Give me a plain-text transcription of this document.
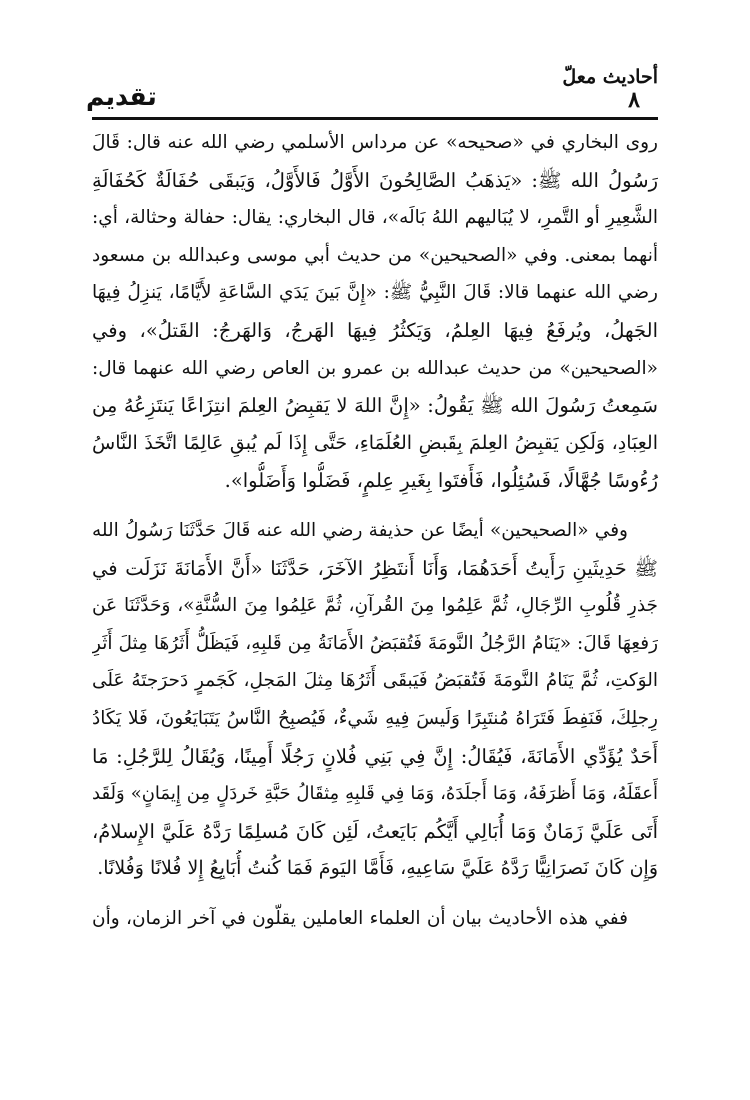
أحاديث معلّ
٨
تقديم
روى البخاري في «صحيحه» عن مرداس الأسلمي رضي الله عنه قال: قَالَ
رَسُولُ الله ﷺ: «يَذهَبُ الصَّالِحُونَ الأَوَّلُ فَالأَوَّلُ، وَيَبقَى حُفَالَةٌ كَحُفَالَةِ
الشَّعِيرِ أو التَّمرِ، لا يُبَاليهم اللهُ بَالَه»، قال البخاري: يقال: حفالة وحثالة، أي:
أنهما بمعنى. وفي «الصحيحين» من حديث أبي موسى وعبدالله بن مسعود
رضي الله عنهما قالا: قَالَ النَّبِيُّ ﷺ: «إِنَّ بَينَ يَدَي السَّاعَةِ لأَيَّامًا، يَنزِلُ فِيهَا
الجَهلُ، ويُرفَعُ فِيهَا العِلمُ، وَيَكثُرُ فِيهَا الهَرجُ، وَالهَرجُ: القَتلُ»، وفي
«الصحيحين» من حديث عبدالله بن عمرو بن العاص رضي الله عنهما قال:
سَمِعتُ رَسُولَ الله ﷺ يَقُولُ: «إِنَّ اللهَ لا يَقبِضُ العِلمَ انتِزَاعًا يَنتَزِعُهُ مِن
العِبَادِ، وَلَكِن يَقبِضُ العِلمَ بِقَبضِ العُلَمَاءِ، حَتَّى إِذَا لَم يُبقِ عَالِمًا اتَّخَذَ النَّاسُ
رُءُوسًا جُهَّالًا، فَسُئِلُوا، فَأَفتَوا بِغَيرِ عِلمٍ، فَضَلُّوا وَأَضَلُّوا».
وفي «الصحيحين» أيضًا عن حذيفة رضي الله عنه قَالَ حَدَّثَنَا رَسُولُ الله
ﷺ حَدِيثَينِ رَأَيتُ أَحَدَهُمَا، وَأَنَا أَنتَظِرُ الآخَرَ، حَدَّثَنَا «أَنَّ الأَمَانَةَ نَزَلَت في
جَذرِ قُلُوبِ الرِّجَالِ، ثُمَّ عَلِمُوا مِنَ القُرآنِ، ثُمَّ عَلِمُوا مِنَ السُّنَّةِ»، وَحَدَّثَنَا عَن
رَفعِهَا قَالَ: «يَنَامُ الرَّجُلُ النَّومَةَ فَتُقبَضُ الأَمَانَةُ مِن قَلبِهِ، فَيَظَلُّ أَثَرُهَا مِثلَ أَثَرِ
الوَكتِ، ثُمَّ يَنَامُ النَّومَةَ فَتُقبَضُ فَيَبقَى أَثَرُهَا مِثلَ المَجلِ، كَجَمرٍ دَحرَجتَهُ عَلَى
رِجلِكَ، فَنَفِطَ فَتَرَاهُ مُنتَبِرًا وَلَيسَ فِيهِ شَيءٌ، فَيُصبِحُ النَّاسُ يَتَبَايَعُونَ، فَلا يَكَادُ
أَحَدٌ يُؤَدِّي الأَمَانَةَ، فَيُقَالُ: إِنَّ فِي بَنِي فُلانٍ رَجُلًا أَمِينًا، وَيُقَالُ لِلرَّجُلِ: مَا
أَعقَلَهُ، وَمَا أَظرَفَهُ، وَمَا أَجلَدَهُ، وَمَا فِي قَلبِهِ مِثقَالُ حَبَّةِ خَردَلٍ مِن إِيمَانٍ» وَلَقَد
أَتَى عَلَيَّ زَمَانٌ وَمَا أُبَالِي أَيَّكُم بَايَعتُ، لَئِن كَانَ مُسلِمًا رَدَّهُ عَلَيَّ الإِسلامُ،
وَإِن كَانَ نَصرَانِيًّا رَدَّهُ عَلَيَّ سَاعِيهِ، فَأَمَّا اليَومَ فَمَا كُنتُ أُبَايِعُ إِلا فُلانًا وَفُلانًا.
ففي هذه الأحاديث بيان أن العلماء العاملين يقلّون في آخر الزمان، وأن
